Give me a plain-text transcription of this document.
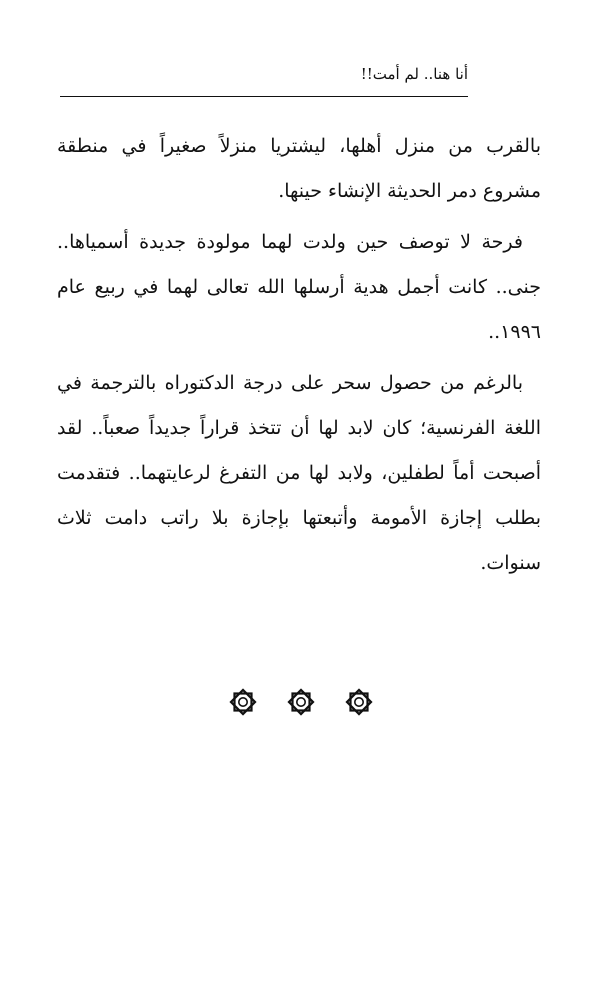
أنا هنا.. لم أمت!!

بالقرب من منزل أهلها، ليشتريا منزلاً صغيراً في منطقة مشروع دمر الحديثة الإنشاء حينها.

فرحة لا توصف حين ولدت لهما مولودة جديدة أسمياها.. جنى.. كانت أجمل هدية أرسلها الله تعالى لهما في ربيع عام ١٩٩٦..

بالرغم من حصول سحر على درجة الدكتوراه بالترجمة في اللغة الفرنسية؛ كان لابد لها أن تتخذ قراراً جديداً صعباً.. لقد أصبحت أماً لطفلين، ولابد لها من التفرغ لرعايتهما.. فتقدمت بطلب إجازة الأمومة وأتبعتها بإجازة بلا راتب دامت ثلاث سنوات.
